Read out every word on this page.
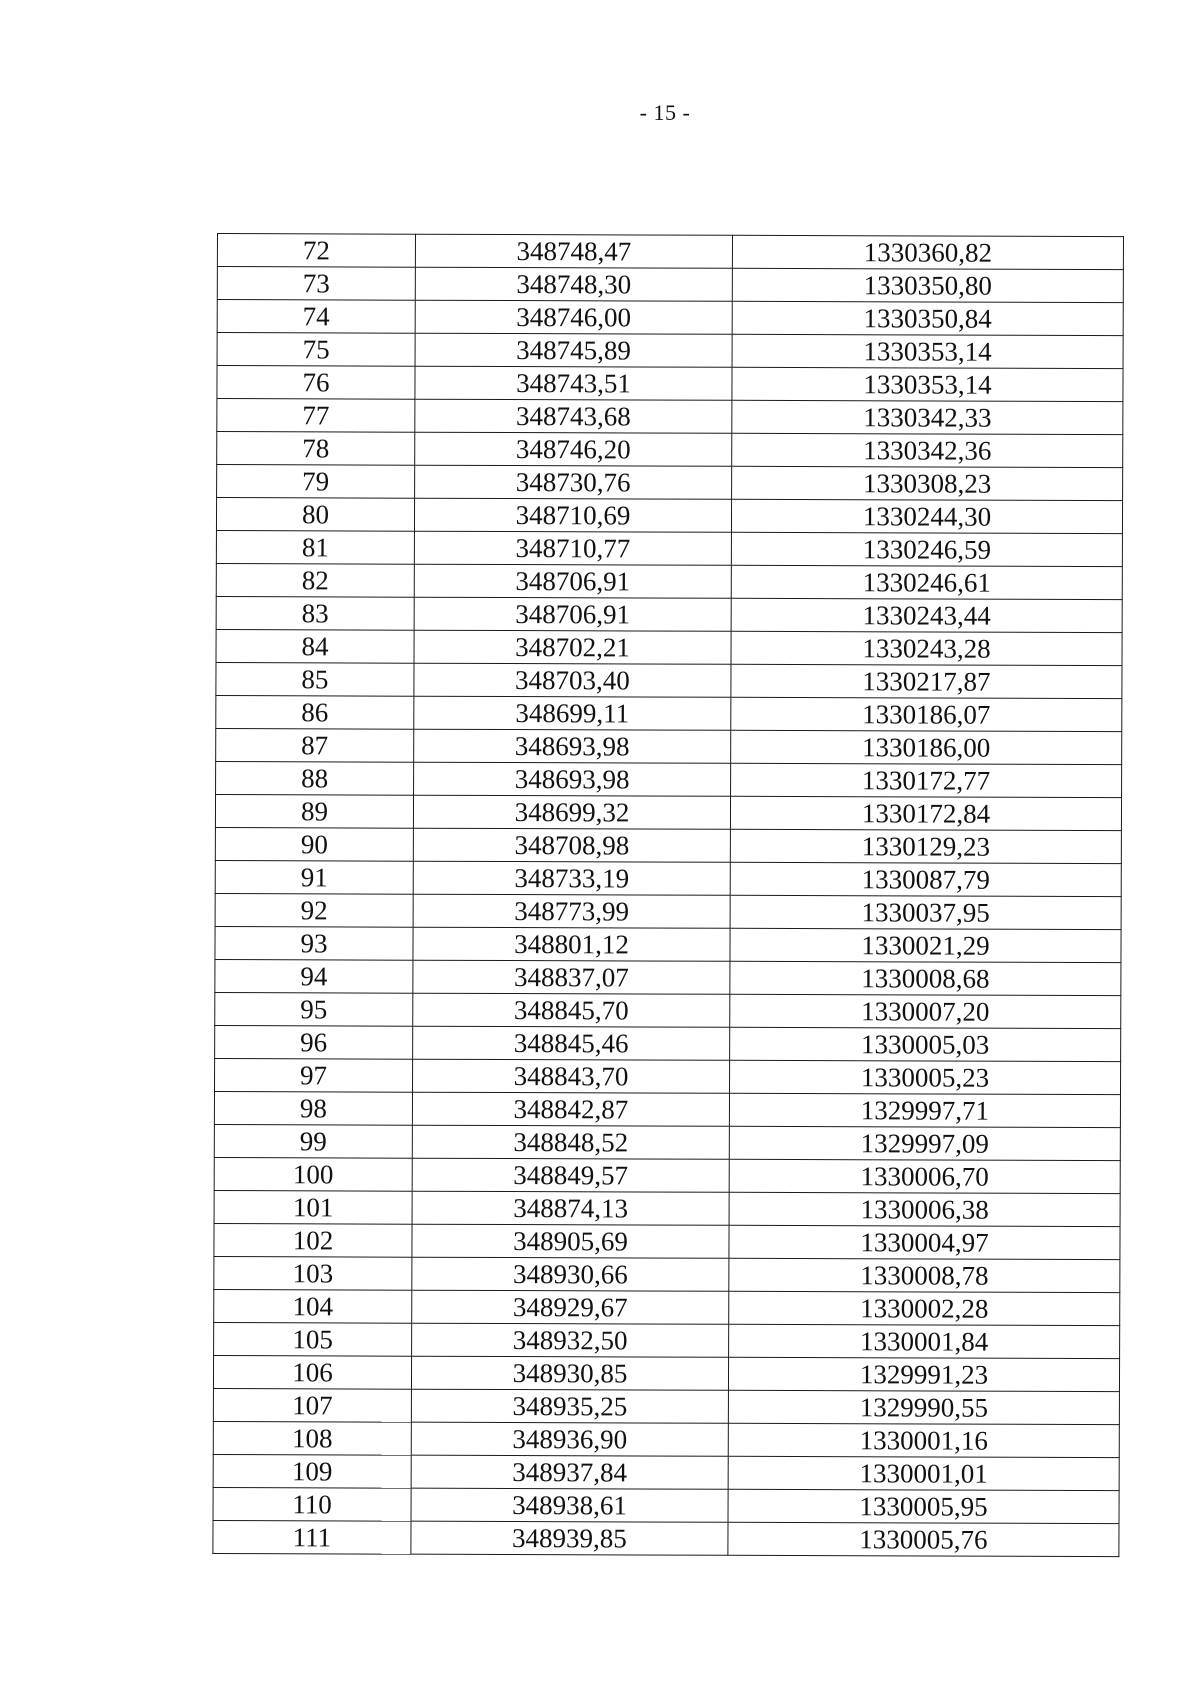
- 15 -
72	348748,47	1330360,82
73	348748,30	1330350,80
74	348746,00	1330350,84
75	348745,89	1330353,14
76	348743,51	1330353,14
77	348743,68	1330342,33
78	348746,20	1330342,36
79	348730,76	1330308,23
80	348710,69	1330244,30
81	348710,77	1330246,59
82	348706,91	1330246,61
83	348706,91	1330243,44
84	348702,21	1330243,28
85	348703,40	1330217,87
86	348699,11	1330186,07
87	348693,98	1330186,00
88	348693,98	1330172,77
89	348699,32	1330172,84
90	348708,98	1330129,23
91	348733,19	1330087,79
92	348773,99	1330037,95
93	348801,12	1330021,29
94	348837,07	1330008,68
95	348845,70	1330007,20
96	348845,46	1330005,03
97	348843,70	1330005,23
98	348842,87	1329997,71
99	348848,52	1329997,09
100	348849,57	1330006,70
101	348874,13	1330006,38
102	348905,69	1330004,97
103	348930,66	1330008,78
104	348929,67	1330002,28
105	348932,50	1330001,84
106	348930,85	1329991,23
107	348935,25	1329990,55
108	348936,90	1330001,16
109	348937,84	1330001,01
110	348938,61	1330005,95
111	348939,85	1330005,76
